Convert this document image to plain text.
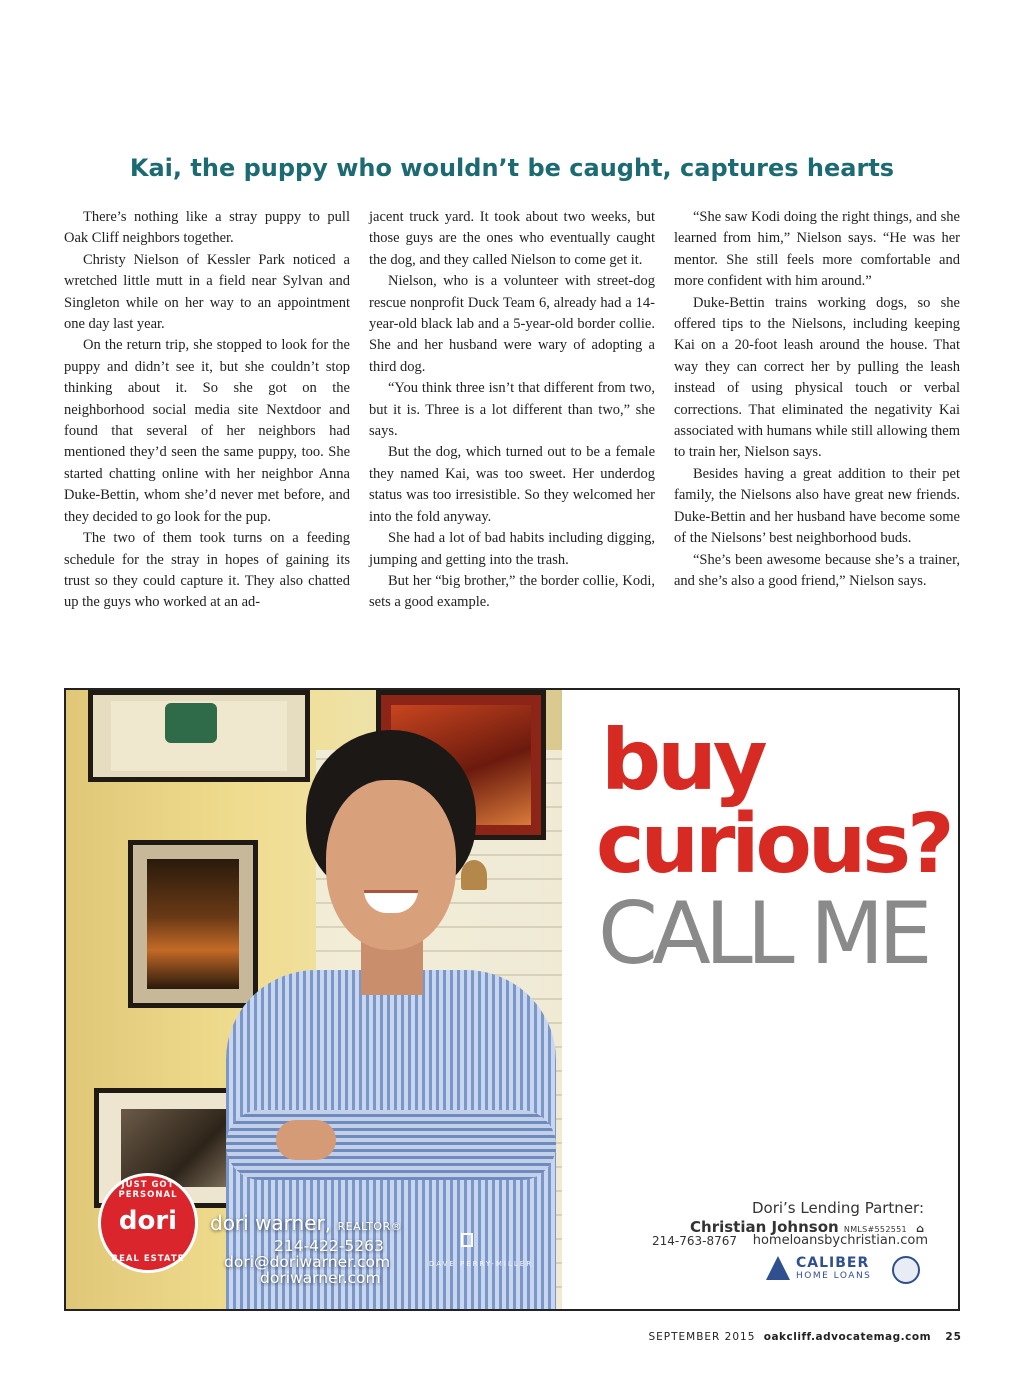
Kai, the puppy who wouldn’t be caught, captures hearts

There’s nothing like a stray puppy to pull Oak Cliff neighbors together.

Christy Nielson of Kessler Park noticed a wretched little mutt in a field near Sylvan and Singleton while on her way to an appointment one day last year.

On the return trip, she stopped to look for the puppy and didn’t see it, but she couldn’t stop thinking about it. So she got on the neighborhood social media site Nextdoor and found that several of her neighbors had mentioned they’d seen the same puppy, too. She started chatting online with her neighbor Anna Duke-Bettin, whom she’d never met before, and they decided to go look for the pup.

The two of them took turns on a feeding schedule for the stray in hopes of gaining its trust so they could capture it. They also chatted up the guys who worked at an ad-

jacent truck yard. It took about two weeks, but those guys are the ones who eventually caught the dog, and they called Nielson to come get it.

Nielson, who is a volunteer with street-dog rescue nonprofit Duck Team 6, already had a 14-year-old black lab and a 5-year-old border collie. She and her husband were wary of adopting a third dog.

“You think three isn’t that different from two, but it is. Three is a lot different than two,” she says.

But the dog, which turned out to be a female they named Kai, was too sweet. Her underdog status was too irresistible. So they welcomed her into the fold anyway.

She had a lot of bad habits including digging, jumping and getting into the trash.

But her “big brother,” the border collie, Kodi, sets a good example.

“She saw Kodi doing the right things, and she learned from him,” Nielson says. “He was her mentor. She still feels more comfortable and more confident with him around.”

Duke-Bettin trains working dogs, so she offered tips to the Nielsons, including keeping Kai on a 20-foot leash around the house. That way they can correct her by pulling the leash instead of using physical touch or verbal corrections. That eliminated the negativity Kai associated with humans while still allowing them to train her, Nielson says.

Besides having a great addition to their pet family, the Nielsons also have great new friends. Duke-Bettin and her husband have become some of the Nielsons’ best neighborhood buds.

“She’s been awesome because she’s a trainer, and she’s also a good friend,” Nielson says.

JUST GOT PERSONAL
dori
REAL ESTATE
dori warner, REALTOR®
214-422-5263
dori@doriwarner.com
doriwarner.com
DAVE PERRY-MILLER
buy
curious?
CALL ME
Dori’s Lending Partner:
Christian Johnson NMLS#552551 ⌂
214-763-8767 homeloansbychristian.com
CALIBER
HOME LOANS
SEPTEMBER 2015 oakcliff.advocatemag.com 25
